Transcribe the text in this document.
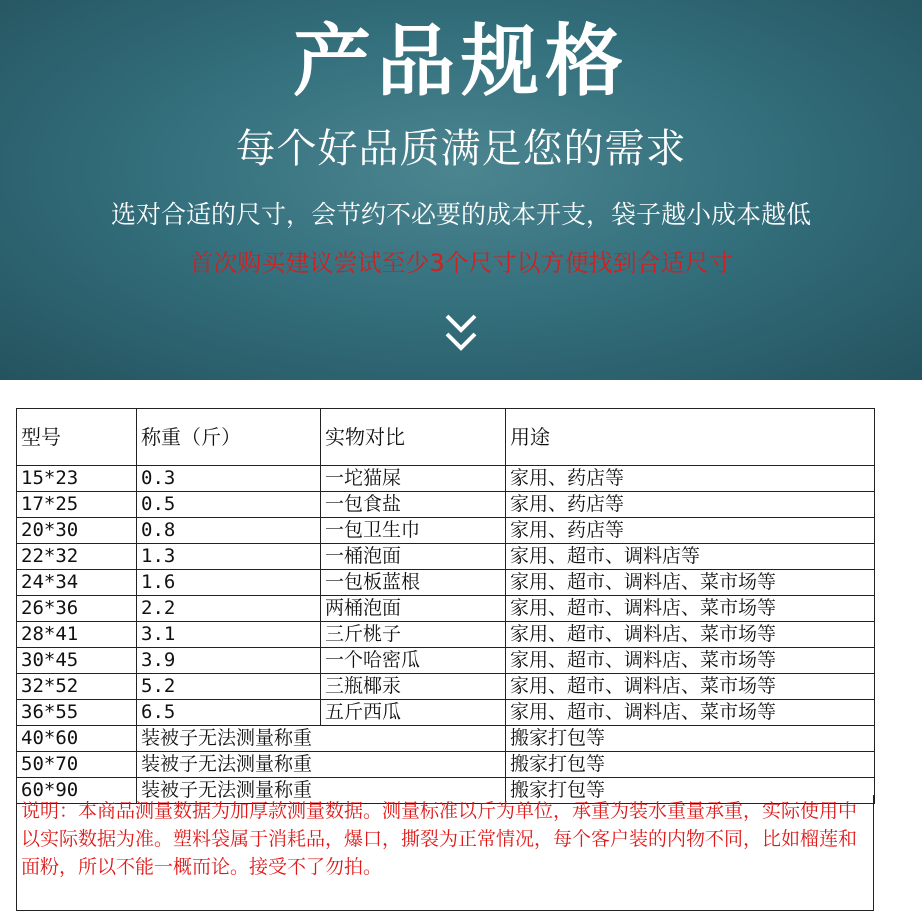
产品规格
每个好品质满足您的需求
选对合适的尺寸，会节约不必要的成本开支，袋子越小成本越低
首次购买建议尝试至少3个尺寸以方便找到合适尺寸
型号	称重（斤）	实物对比	用途
15*23	0.3	一坨猫屎	家用、药店等
17*25	0.5	一包食盐	家用、药店等
20*30	0.8	一包卫生巾	家用、药店等
22*32	1.3	一桶泡面	家用、超市、调料店等
24*34	1.6	一包板蓝根	家用、超市、调料店、菜市场等
26*36	2.2	两桶泡面	家用、超市、调料店、菜市场等
28*41	3.1	三斤桃子	家用、超市、调料店、菜市场等
30*45	3.9	一个哈密瓜	家用、超市、调料店、菜市场等
32*52	5.2	三瓶椰汞	家用、超市、调料店、菜市场等
36*55	6.5	五斤西瓜	家用、超市、调料店、菜市场等
40*60	装被子无法测量称重		搬家打包等
50*70	装被子无法测量称重		搬家打包等
60*90	装被子无法测量称重		搬家打包等
说明：本商品测量数据为加厚款测量数据。测量标准以斤为单位，承重为装水重量承重，实际使用中以实际数据为准。塑料袋属于消耗品，爆口，撕裂为正常情况，每个客户装的内物不同，比如榴莲和面粉，所以不能一概而论。接受不了勿拍。
